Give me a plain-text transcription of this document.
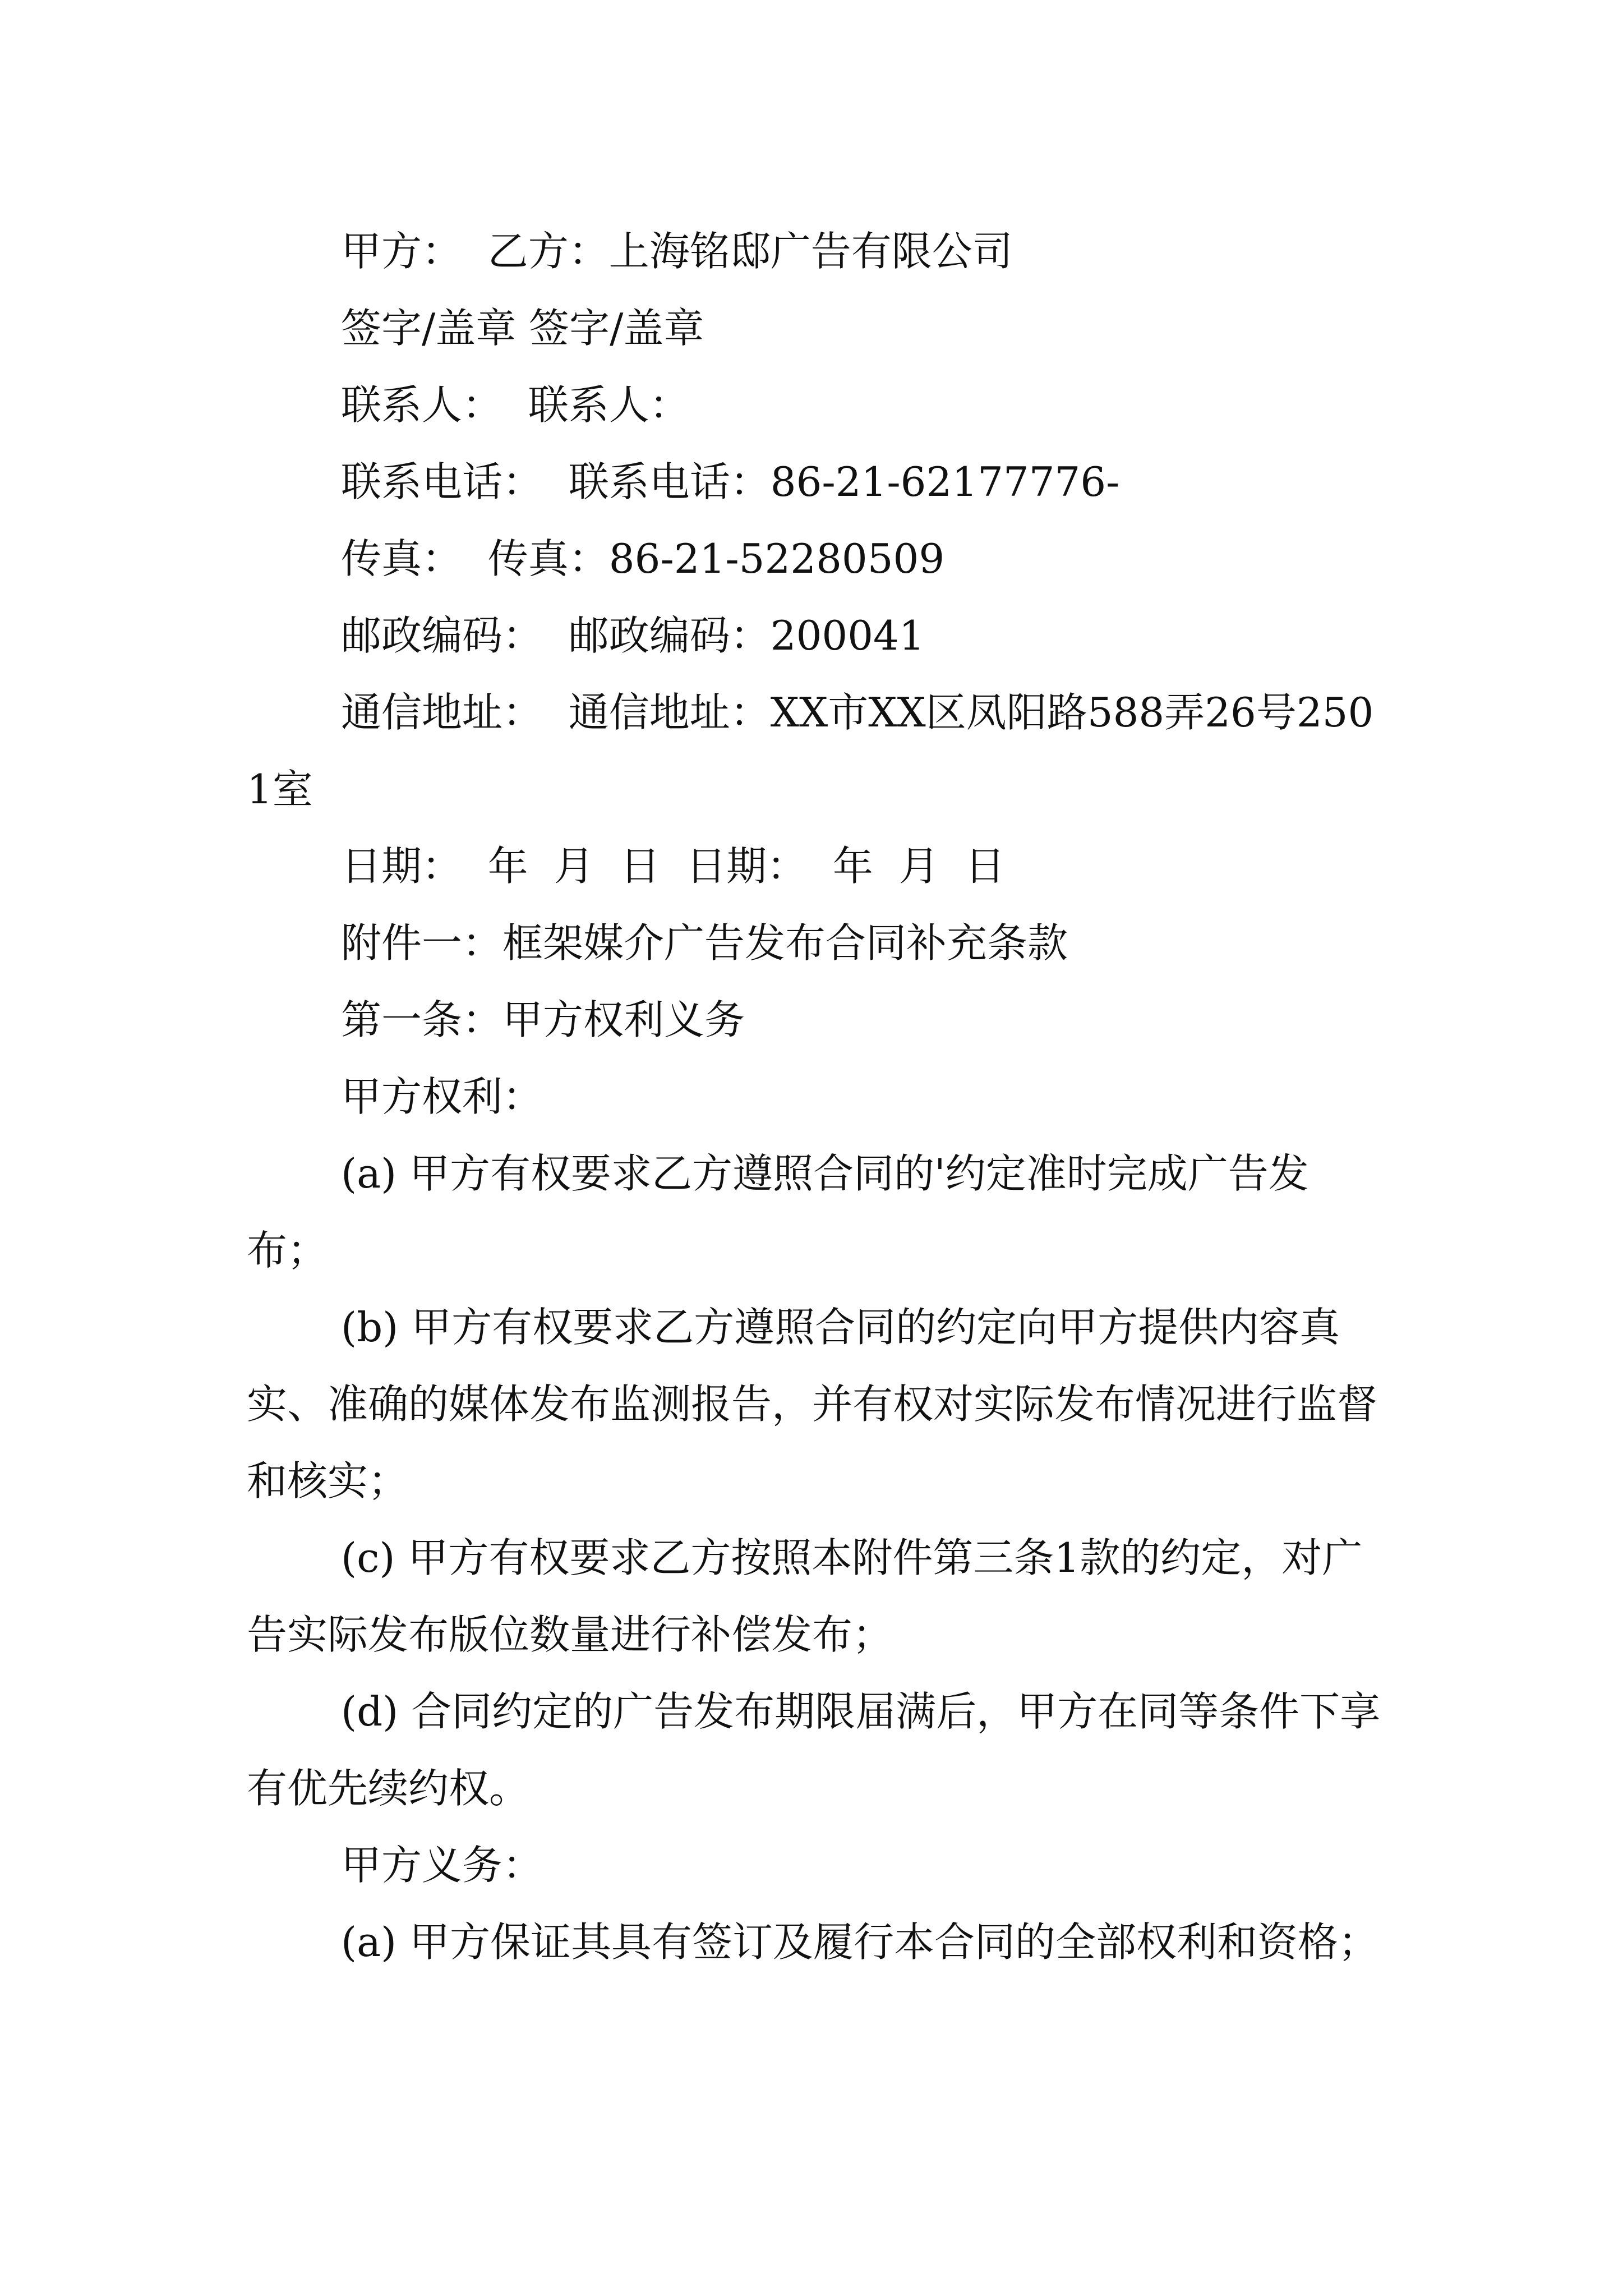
甲方：  乙方：上海铭邸广告有限公司

签字/盖章 签字/盖章

联系人：  联系人：

联系电话：  联系电话：86-21-62177776-

传真：  传真：86-21-52280509

邮政编码：  邮政编码：200041

通信地址：  通信地址：XX市XX区凤阳路588弄26号2501室

日期：  年  月  日  日期：  年  月  日

附件一：框架媒介广告发布合同补充条款

第一条：甲方权利义务

甲方权利：

(a) 甲方有权要求乙方遵照合同的'约定准时完成广告发布；

(b) 甲方有权要求乙方遵照合同的约定向甲方提供内容真实、准确的媒体发布监测报告，并有权对实际发布情况进行监督和核实；

(c) 甲方有权要求乙方按照本附件第三条1款的约定，对广告实际发布版位数量进行补偿发布；

(d) 合同约定的广告发布期限届满后，甲方在同等条件下享有优先续约权。

甲方义务：

(a) 甲方保证其具有签订及履行本合同的全部权利和资格；
